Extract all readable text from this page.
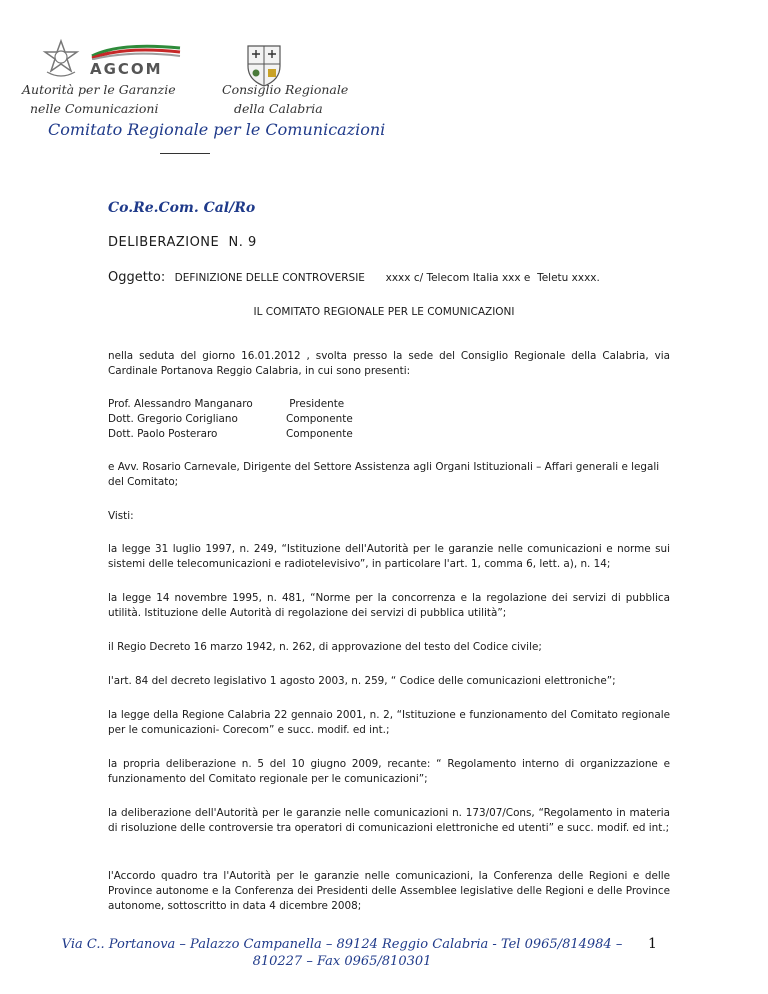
AGCOM
Autorità per le Garanzie
nelle Comunicazioni
Consiglio Regionale
della Calabria
Comitato Regionale per le Comunicazioni
Co.Re.Com. Cal/Ro
DELIBERAZIONE  N. 9
Oggetto: DEFINIZIONE DELLE CONTROVERSIE xxxx c/ Telecom Italia xxx e  Teletu xxxx.
IL COMITATO REGIONALE PER LE COMUNICAZIONI

nella seduta del giorno 16.01.2012 , svolta presso la sede del Consiglio Regionale della Calabria, via Cardinale Portanova Reggio Calabria, in cui sono presenti:

Prof. Alessandro Manganaro	Presidente
Dott. Gregorio Corigliano	Componente
Dott. Paolo Posteraro	Componente

e Avv. Rosario Carnevale, Dirigente del Settore Assistenza agli Organi Istituzionali – Affari generali e legali del Comitato;

Visti:

la legge 31 luglio 1997, n. 249, “Istituzione dell'Autorità per le garanzie nelle comunicazioni e norme sui sistemi delle telecomunicazioni e radiotelevisivo”, in particolare l'art. 1, comma 6, lett. a), n. 14;

la legge 14 novembre 1995, n. 481, “Norme per la concorrenza e la regolazione dei servizi di pubblica utilità. Istituzione delle Autorità di regolazione dei servizi di pubblica utilità”;

il Regio Decreto 16 marzo 1942, n. 262, di approvazione del testo del Codice civile;

l'art. 84 del decreto legislativo 1 agosto 2003, n. 259, “ Codice delle comunicazioni elettroniche”;

la legge della Regione Calabria 22 gennaio 2001, n. 2, “Istituzione e funzionamento del Comitato regionale per le comunicazioni- Corecom” e succ. modif. ed int.;

la propria deliberazione n. 5 del 10 giugno 2009, recante: “ Regolamento interno di organizzazione e funzionamento del Comitato regionale per le comunicazioni”;

la deliberazione dell'Autorità per le garanzie nelle comunicazioni n. 173/07/Cons, “Regolamento in materia di risoluzione delle controversie tra operatori di comunicazioni elettroniche ed utenti” e succ. modif. ed int.;

l'Accordo quadro tra l'Autorità per le garanzie nelle comunicazioni, la Conferenza delle Regioni e delle Province autonome e la Conferenza dei Presidenti delle Assemblee legislative delle Regioni e delle Province autonome, sottoscritto in data 4 dicembre 2008;

Via C.. Portanova – Palazzo Campanella – 89124 Reggio Calabria - Tel 0965/814984 – 810227 – Fax 0965/810301
1
